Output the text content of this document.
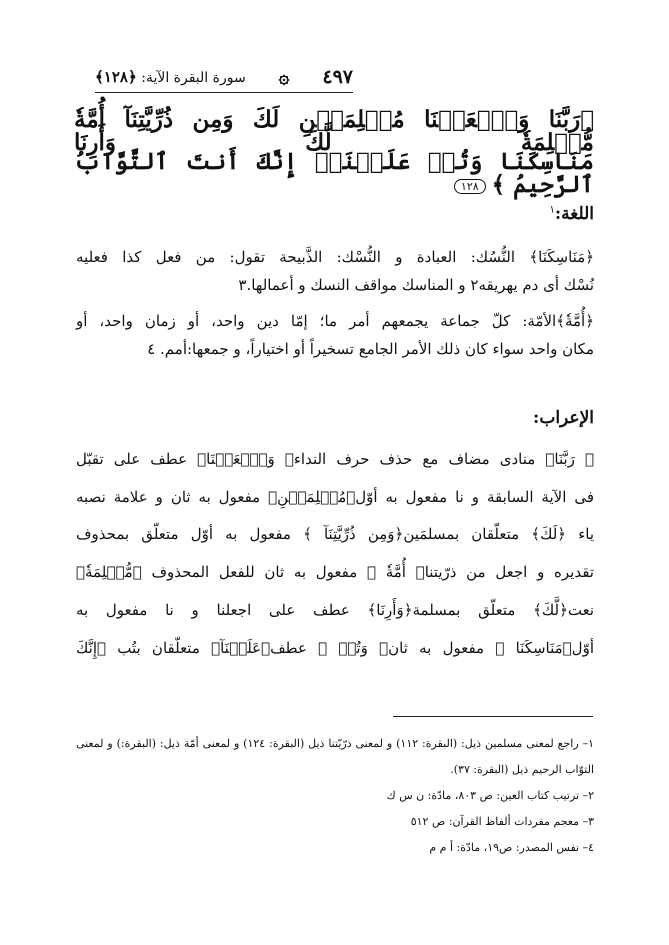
سورة البقرة الآية: ﴿١٢٨﴾	۞ ٤٩٧
﴿رَبَّنَا وَٱجۡعَلۡنَا مُسۡلِمَيۡنِ لَكَ وَمِن ذُرِّيَّتِنَآ أُمَّةٗ مُّسۡلِمَةٗ لَّكَ وَأَرِنَا
مَنَاسِكَنَا وَتُبۡ عَلَيۡنَآۖ إِنَّكَ أَنتَ ٱلتَّوَّابُ ٱلرَّحِيمُ ﴾١٢٨
اللغة:$^١$
﴿مَنَاسِكَنَا﴾ النُّسُك: العبادة و النُّسْك: الذَّبيحة تقول: من فعل كذا فعليه
نُسْك أى دم يهريقه٢ و المناسك مواقف النسك و أعمالها.٣
﴿أُمَّةٗ﴾الأمّة: كلّ جماعة يجمعهم أمر ما؛ إمّا دين واحد، أو زمان واحد، أو
مكان واحد سواء كان ذلك الأمر الجامع تسخيراً أو اختياراً، و جمعها:أمم. ٤
الإعراب:
﴿ رَبَّنَا﴾ منادى مضاف مع حذف حرف النداء﴿ وَٱجۡعَلۡنَا﴾ عطف على تقبّل
فى الآية السابقة و نا مفعول به أوّل﴿مُسۡلِمَيۡنِ﴾ مفعول به ثان و علامة نصبه
ياء ﴿لَكَ﴾ متعلّقان بمسلمَين﴿وَمِن ذُرِّيَّتِنَآ ﴾ مفعول به أوّل متعلّق بمحذوف
تقديره و اجعل من ذرّيتنا﴿ أُمَّةٗ ﴾ مفعول به ثان للفعل المحذوف ﴿مُّسۡلِمَةٗ﴾
نعت﴿لَّكَ﴾ متعلّق بمسلمة﴿وَأَرِنَا﴾ عطف على اجعلنا و نا مفعول به
أوّل﴿مَنَاسِكَنَا ﴾ مفعول به ثان﴿ وَتُبۡ ﴾ عطف﴿عَلَيۡنَآ﴾ متعلّقان بتُب ﴿إِنَّكَ
١– راجع لمعنى مسلمين ذيل: (البقرة: ١١٢) و لمعنى ذرّيّتنا ذيل (البقرة: ١٢٤) و لمعنى أمّة ذيل: (البقرة:) و لمعنى
التوّاب الرحيم ذيل (البقرة: ٣٧).
٢– ترتيب كتاب العين: ص ٨٠٣، مادّة: ن س ك
٣– معجم مفردات ألفاظ القرآن: ص ٥١٢
٤– نفس المصدر: ص١٩، مادّة: أ م م
